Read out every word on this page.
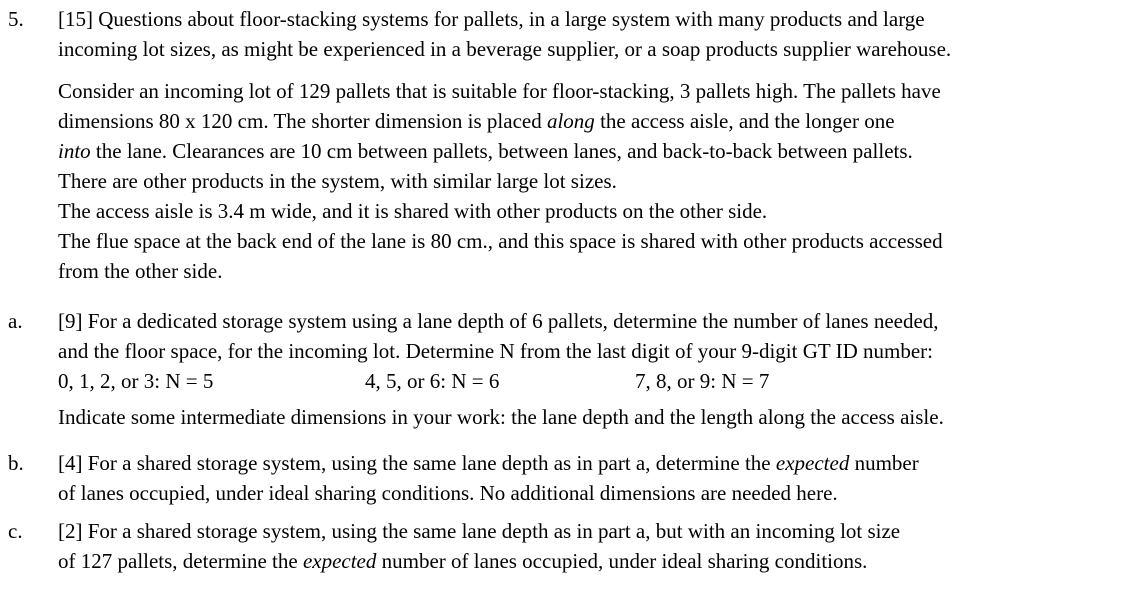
5. [15] Questions about floor-stacking systems for pallets, in a large system with many products and large
incoming lot sizes, as might be experienced in a beverage supplier, or a soap products supplier warehouse.
Consider an incoming lot of 129 pallets that is suitable for floor-stacking, 3 pallets high. The pallets have
dimensions 80 x 120 cm. The shorter dimension is placed along the access aisle, and the longer one
into the lane. Clearances are 10 cm between pallets, between lanes, and back-to-back between pallets.
There are other products in the system, with similar large lot sizes.
The access aisle is 3.4 m wide, and it is shared with other products on the other side.
The flue space at the back end of the lane is 80 cm., and this space is shared with other products accessed
from the other side.
a. [9] For a dedicated storage system using a lane depth of 6 pallets, determine the number of lanes needed,
and the floor space, for the incoming lot. Determine N from the last digit of your 9-digit GT ID number:
0, 1, 2, or 3: N = 5	4, 5, or 6: N = 6	7, 8, or 9: N = 7
Indicate some intermediate dimensions in your work: the lane depth and the length along the access aisle.
b. [4] For a shared storage system, using the same lane depth as in part a, determine the expected number
of lanes occupied, under ideal sharing conditions. No additional dimensions are needed here.
c. [2] For a shared storage system, using the same lane depth as in part a, but with an incoming lot size
of 127 pallets, determine the expected number of lanes occupied, under ideal sharing conditions.
